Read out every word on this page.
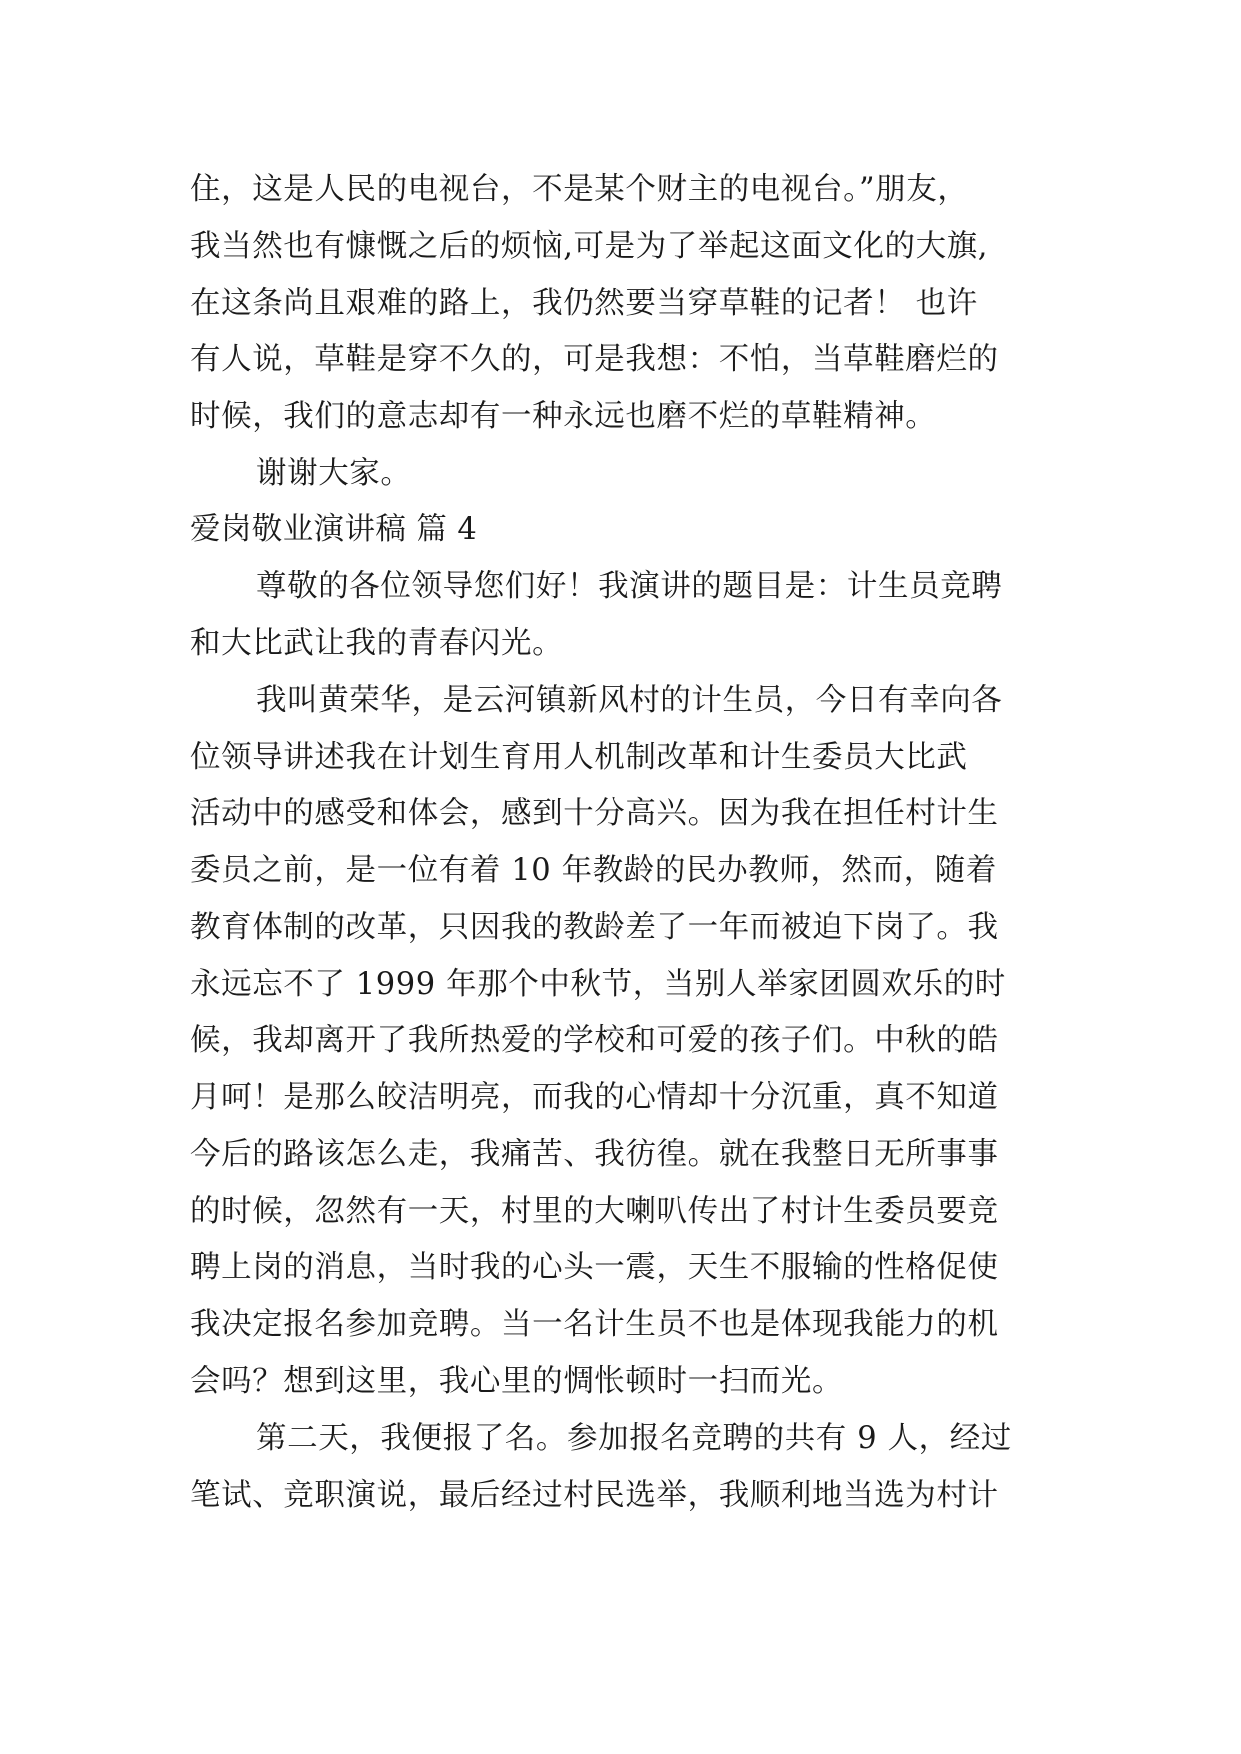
住，这是人民的电视台，不是某个财主的电视台。”朋友，
我当然也有慷慨之后的烦恼,可是为了举起这面文化的大旗,
在这条尚且艰难的路上，我仍然要当穿草鞋的记者！ 也许
有人说，草鞋是穿不久的，可是我想：不怕，当草鞋磨烂的
时候，我们的意志却有一种永远也磨不烂的草鞋精神。
谢谢大家。
爱岗敬业演讲稿 篇 4
尊敬的各位领导您们好！我演讲的题目是：计生员竞聘
和大比武让我的青春闪光。
我叫黄荣华，是云河镇新风村的计生员，今日有幸向各
位领导讲述我在计划生育用人机制改革和计生委员大比武
活动中的感受和体会，感到十分高兴。因为我在担任村计生
委员之前，是一位有着 10 年教龄的民办教师，然而，随着
教育体制的改革，只因我的教龄差了一年而被迫下岗了。我
永远忘不了 1999 年那个中秋节，当别人举家团圆欢乐的时
候，我却离开了我所热爱的学校和可爱的孩子们。中秋的皓
月呵！是那么皎洁明亮，而我的心情却十分沉重，真不知道
今后的路该怎么走，我痛苦、我彷徨。就在我整日无所事事
的时候，忽然有一天，村里的大喇叭传出了村计生委员要竞
聘上岗的消息，当时我的心头一震，天生不服输的性格促使
我决定报名参加竞聘。当一名计生员不也是体现我能力的机
会吗？想到这里，我心里的惆怅顿时一扫而光。
第二天，我便报了名。参加报名竞聘的共有 9 人，经过
笔试、竞职演说，最后经过村民选举，我顺利地当选为村计
